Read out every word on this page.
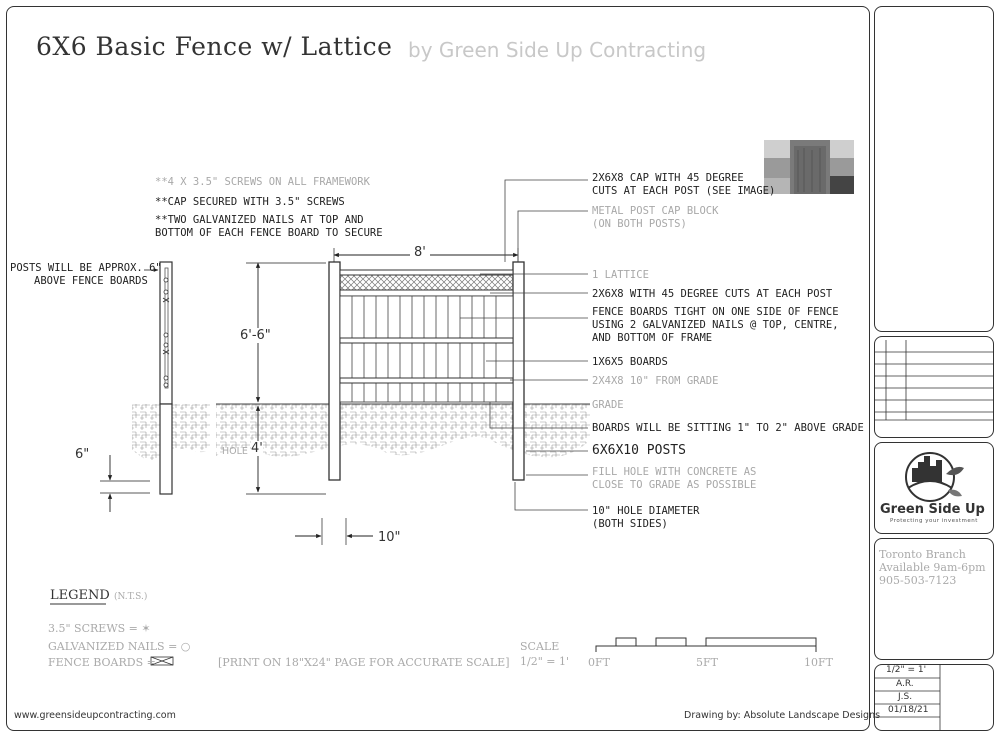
6X6 Basic Fence w/ Lattice by Green Side Up Contracting
**4 X 3.5" SCREWS ON ALL FRAMEWORK
**CAP SECURED WITH 3.5" SCREWS
**TWO GALVANIZED NAILS AT TOP AND
BOTTOM OF EACH FENCE BOARD TO SECURE
POSTS WILL BE APPROX. 6"
ABOVE FENCE BOARDS
8'
6'-6"
HOLE 4'
6"
10"
2X6X8 CAP WITH 45 DEGREE
CUTS AT EACH POST (SEE IMAGE)
METAL POST CAP BLOCK
(ON BOTH POSTS)
1 LATTICE
2X6X8 WITH 45 DEGREE CUTS AT EACH POST
FENCE BOARDS TIGHT ON ONE SIDE OF FENCE
USING 2 GALVANIZED NAILS @ TOP, CENTRE,
AND BOTTOM OF FRAME
1X6X5 BOARDS
2X4X8 10" FROM GRADE
GRADE
BOARDS WILL BE SITTING 1" TO 2" ABOVE GRADE
6X6X10 POSTS
FILL HOLE WITH CONCRETE AS
CLOSE TO GRADE AS POSSIBLE
10" HOLE DIAMETER
(BOTH SIDES)
LEGEND (N.T.S.)
3.5" SCREWS = ✶
GALVANIZED NAILS = ○
FENCE BOARDS =	[PRINT ON 18"X24" PAGE FOR ACCURATE SCALE]
SCALE
1/2" = 1' 0FT	5FT	10FT
www.greensideupcontracting.com	Drawing by: Absolute Landscape Designs
Green Side Up
Protecting your investment
Toronto Branch
Available 9am-6pm
905-503-7123
1/2" = 1'
A.R.
J.S.
01/18/21
